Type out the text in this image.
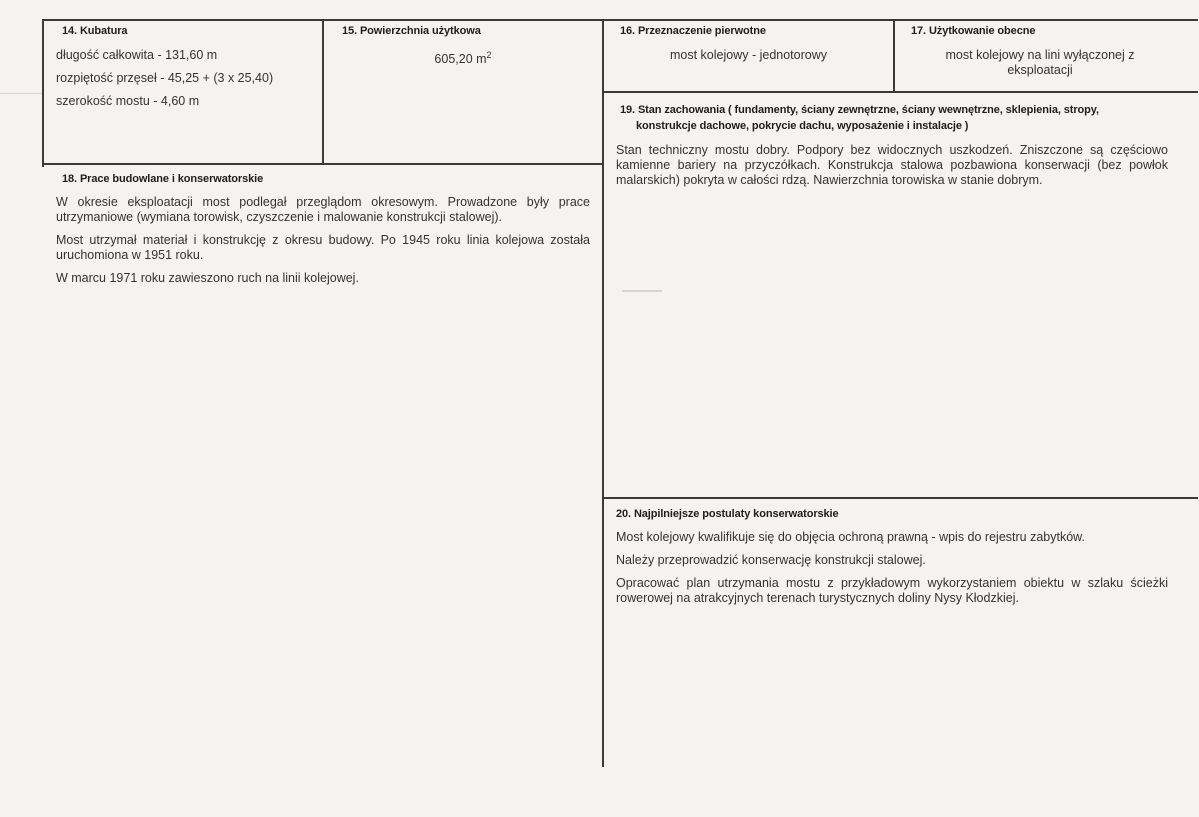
14. Kubatura
długość całkowita - 131,60 m
rozpiętość przęseł - 45,25 + (3 x 25,40)
szerokość mostu - 4,60 m
15. Powierzchnia użytkowa
605,20 $m^2$
16. Przeznaczenie pierwotne
most kolejowy - jednotorowy
17. Użytkowanie obecne
most kolejowy na lini wyłączonej z eksploatacji
18. Prace budowlane i konserwatorskie

W okresie eksploatacji most podlegał przeglądom okresowym. Prowadzone były prace utrzymaniowe (wymiana torowisk, czyszczenie i malowanie konstrukcji stalowej).

Most utrzymał materiał i konstrukcję z okresu budowy. Po 1945 roku linia kolejowa została uruchomiona w 1951 roku.

W marcu 1971 roku zawieszono ruch na linii kolejowej.

19. Stan zachowania ( fundamenty, ściany zewnętrzne, ściany wewnętrzne, sklepienia, stropy,
konstrukcje dachowe, pokrycie dachu, wyposażenie i instalacje )
Stan techniczny mostu dobry. Podpory bez widocznych uszkodzeń. Zniszczone są częściowo kamienne bariery na przyczółkach. Konstrukcja stalowa pozbawiona konserwacji (bez powłok malarskich) pokryta w całości rdzą. Nawierzchnia torowiska w stanie dobrym.
20. Najpilniejsze postulaty konserwatorskie

Most kolejowy kwalifikuje się do objęcia ochroną prawną - wpis do rejestru zabytków.

Należy przeprowadzić konserwację konstrukcji stalowej.

Opracować plan utrzymania mostu z przykładowym wykorzystaniem obiektu w szlaku ścieżki rowerowej na atrakcyjnych terenach turystycznych doliny Nysy Kłodzkiej.
